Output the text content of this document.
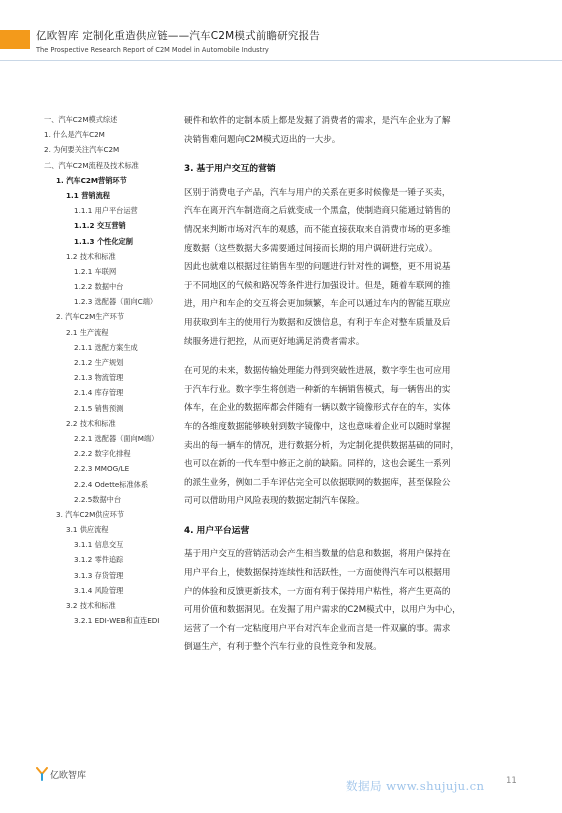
亿欧智库 定制化重造供应链——汽车C2M模式前瞻研究报告
The Prospective Research Report of C2M Model in Automobile Industry
一、汽车C2M模式综述
1. 什么是汽车C2M
2. 为何要关注汽车C2M
二、汽车C2M流程及技术标准
1. 汽车C2M营销环节
1.1 营销流程
1.1.1 用户平台运营
1.1.2 交互营销
1.1.3 个性化定制
1.2 技术和标准
1.2.1 车联网
1.2.2 数据中台
1.2.3 选配器（面向C端）
2. 汽车C2M生产环节
2.1 生产流程
2.1.1 选配方案生成
2.1.2 生产规划
2.1.3 物流管理
2.1.4 库存管理
2.1.5 销售预测
2.2 技术和标准
2.2.1 选配器（面向M端）
2.2.2 数字化排程
2.2.3 MMOG/LE
2.2.4 Odette标准体系
2.2.5数据中台
3. 汽车C2M供应环节
3.1 供应流程
3.1.1 信息交互
3.1.2 零件追踪
3.1.3 存货管理
3.1.4 风险管理
3.2 技术和标准
3.2.1 EDI-WEB和直连EDI
硬件和软件的定制本质上都是发掘了消费者的需求，是汽车企业为了解
决销售难问题向C2M模式迈出的一大步。
3. 基于用户交互的营销
区别于消费电子产品，汽车与用户的关系在更多时候像是一锤子买卖，
汽车在离开汽车制造商之后就变成一个黑盒，使制造商只能通过销售的
情况来判断市场对汽车的观感，而不能直接获取来自消费市场的更多维
度数据（这些数据大多需要通过间接而长期的用户调研进行完成）。
因此也就难以根据过往销售车型的问题进行针对性的调整，更不用说基
于不同地区的气候和路况等条件进行加强设计。但是，随着车联网的推
进，用户和车企的交互将会更加频繁，车企可以通过车内的智能互联应
用获取到车主的使用行为数据和反馈信息，有利于车企对整车质量及后
续服务进行把控，从而更好地满足消费者需求。
在可见的未来，数据传输处理能力得到突破性进展，数字孪生也可应用
于汽车行业。数字孪生将创造一种新的车辆销售模式，每一辆售出的实
体车，在企业的数据库都会伴随有一辆以数字镜像形式存在的车，实体
车的各维度数据能够映射到数字镜像中，这也意味着企业可以随时掌握
卖出的每一辆车的情况，进行数据分析，为定制化提供数据基础的同时，
也可以在新的一代车型中修正之前的缺陷。同样的，这也会诞生一系列
的派生业务，例如二手车评估完全可以依据联网的数据库，甚至保险公
司可以借助用户风险表现的数据定制汽车保险。
4. 用户平台运营
基于用户交互的营销活动会产生相当数量的信息和数据，将用户保持在
用户平台上，使数据保持连续性和活跃性，一方面使得汽车可以根据用
户的体验和反馈更新技术，一方面有利于保持用户粘性，将产生更高的
可用价值和数据洞见。在发掘了用户需求的C2M模式中，以用户为中心，
运营了一个有一定粘度用户平台对汽车企业而言是一件双赢的事。需求
倒逼生产，有利于整个汽车行业的良性竞争和发展。
亿欧智库
11
数据局 www.shujuju.cn
